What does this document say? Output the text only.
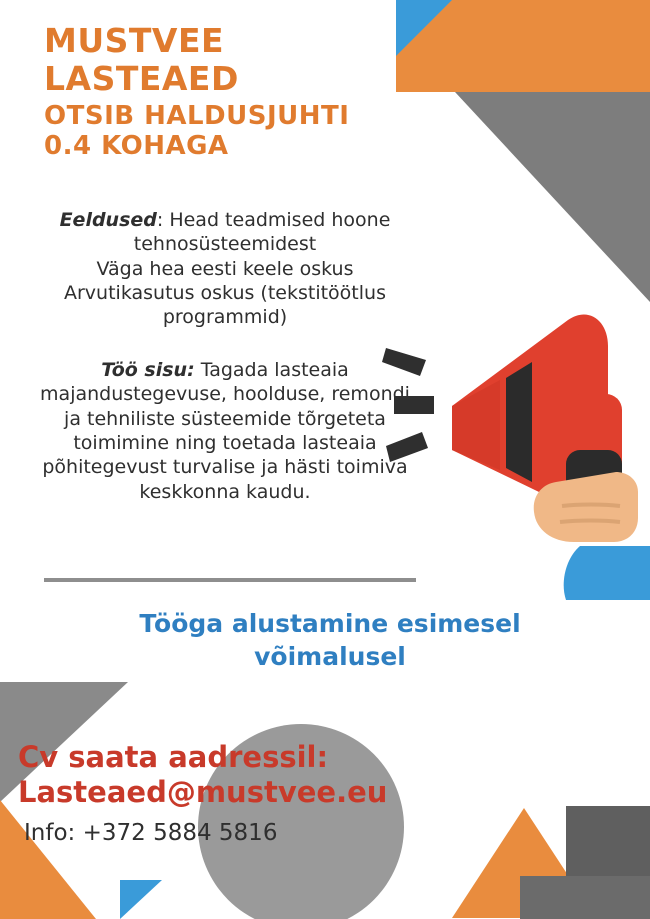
MUSTVEE
LASTEAED
OTSIB HALDUSJUHTI
0.4 KOHAGA

Eeldused: Head teadmised hoone tehnosüsteemidest

Väga hea eesti keele oskus

Arvutikasutus oskus (tekstitöötlus programmid)

Töö sisu: Tagada lasteaia majandustegevuse, hoolduse, remondi ja tehniliste süsteemide tõrgeteta toimimine ning toetada lasteaia põhitegevust turvalise ja hästi toimiva keskkonna kaudu.

Tööga alustamine esimesel võimalusel

Cv saata aadressil:

Lasteaed@mustvee.eu

Info: +372 5884 5816
